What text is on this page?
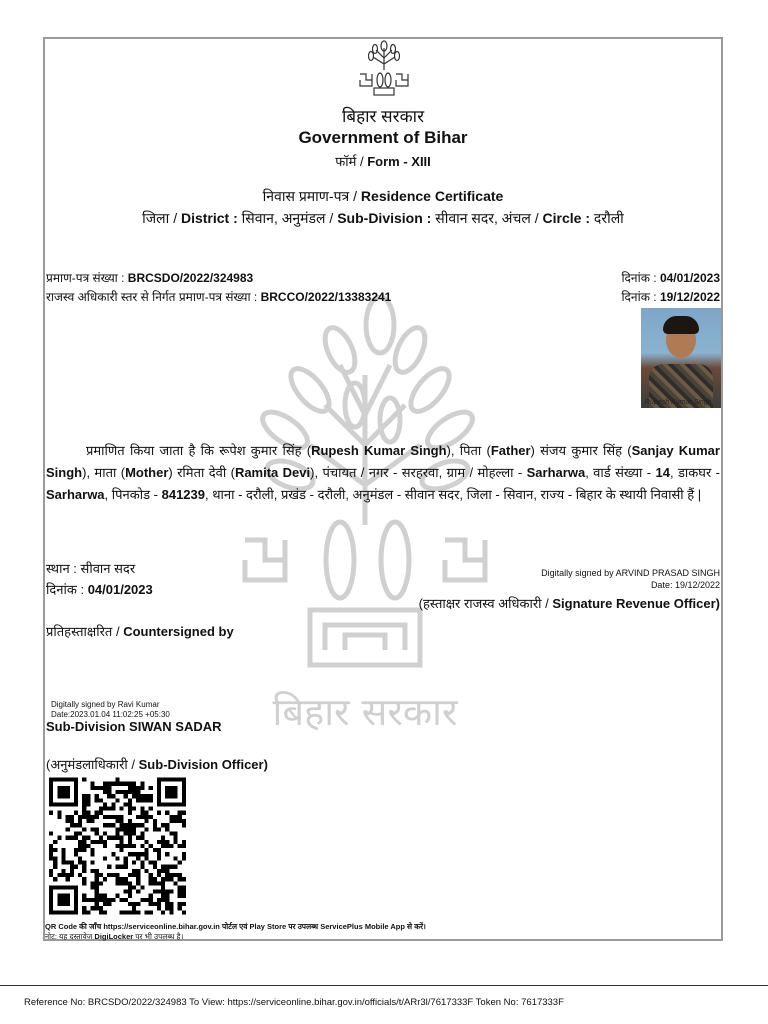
बिहार सरकार
बिहार सरकार
Government of Bihar
फॉर्म / Form - XIII
निवास प्रमाण-पत्र / Residence Certificate
जिला / District : सिवान, अनुमंडल / Sub-Division : सीवान सदर, अंचल / Circle : दरौली
प्रमाण-पत्र संख्या : BRCSDO/2022/324983	दिनांक : 04/01/2023
राजस्व अधिकारी स्तर से निर्गत प्रमाण-पत्र संख्या : BRCCO/2022/13383241	दिनांक : 19/12/2022
Rupesh Kumar Singh
प्रमाणित किया जाता है कि रूपेश कुमार सिंह (Rupesh Kumar Singh), पिता (Father) संजय कुमार सिंह (Sanjay Kumar Singh), माता (Mother) रमिता देवी (Ramita Devi), पंचायत / नगर - सरहरवा, ग्राम / मोहल्ला - Sarharwa, वार्ड संख्या - 14, डाकघर - Sarharwa, पिनकोड - 841239, थाना - दरौली, प्रखंड - दरौली, अनुमंडल - सीवान सदर, जिला - सिवान, राज्य - बिहार के स्थायी निवासी हैं |
स्थान : सीवान सदर
दिनांक : 04/01/2023
Digitally signed by ARVIND PRASAD SINGH
Date: 19/12/2022
(हस्ताक्षर राजस्व अधिकारी / Signature Revenue Officer)
प्रतिहस्ताक्षरित / Countersigned by
Digitally signed by Ravi Kumar
Date:2023.01.04 11:02:25 +05:30
Sub-Division SIWAN SADAR
(अनुमंडलाधिकारी / Sub-Division Officer)
QR Code की जाँच https://serviceonline.bihar.gov.in पोर्टल एवं Play Store पर उपलब्ध ServicePlus Mobile App से करें।
नोट: यह दस्तावेज DigiLocker पर भी उपलब्ध है।
Reference No: BRCSDO/2022/324983 To View: https://serviceonline.bihar.gov.in/officials/t/ARr3l/7617333F Token No: 7617333F
